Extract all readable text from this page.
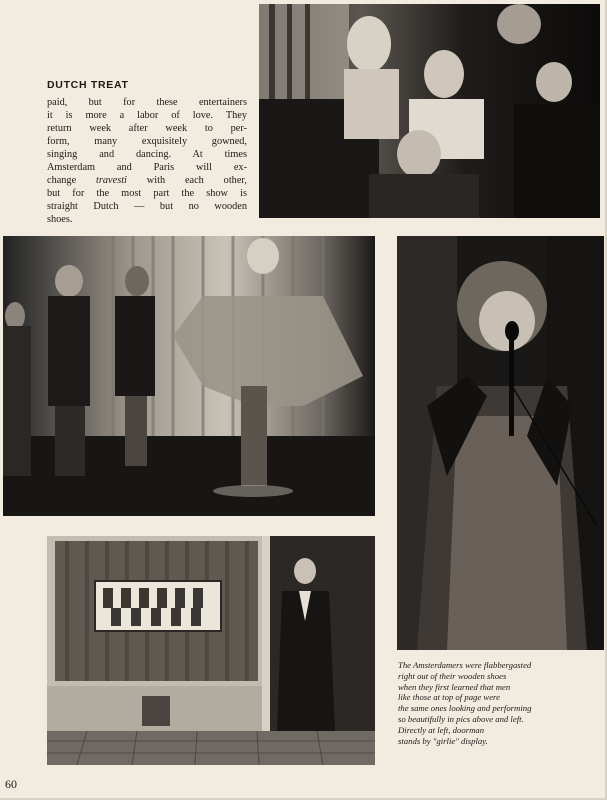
DUTCH TREAT

paid, but for these entertainers
it is more a labor of love. They
return week after week to per-
form, many exquisitely gowned,
singing and dancing. At times
Amsterdam and Paris will ex-
change travesti with each other,
but for the most part the show is
straight Dutch — but no wooden
shoes.

The Amsterdamers were flabbergasted
right out of their wooden shoes
when they first learned that men
like those at top of page were
the same ones looking and performing
so beautifully in pics above and left.
Directly at left, doorman
stands by "girlie" display.

60
